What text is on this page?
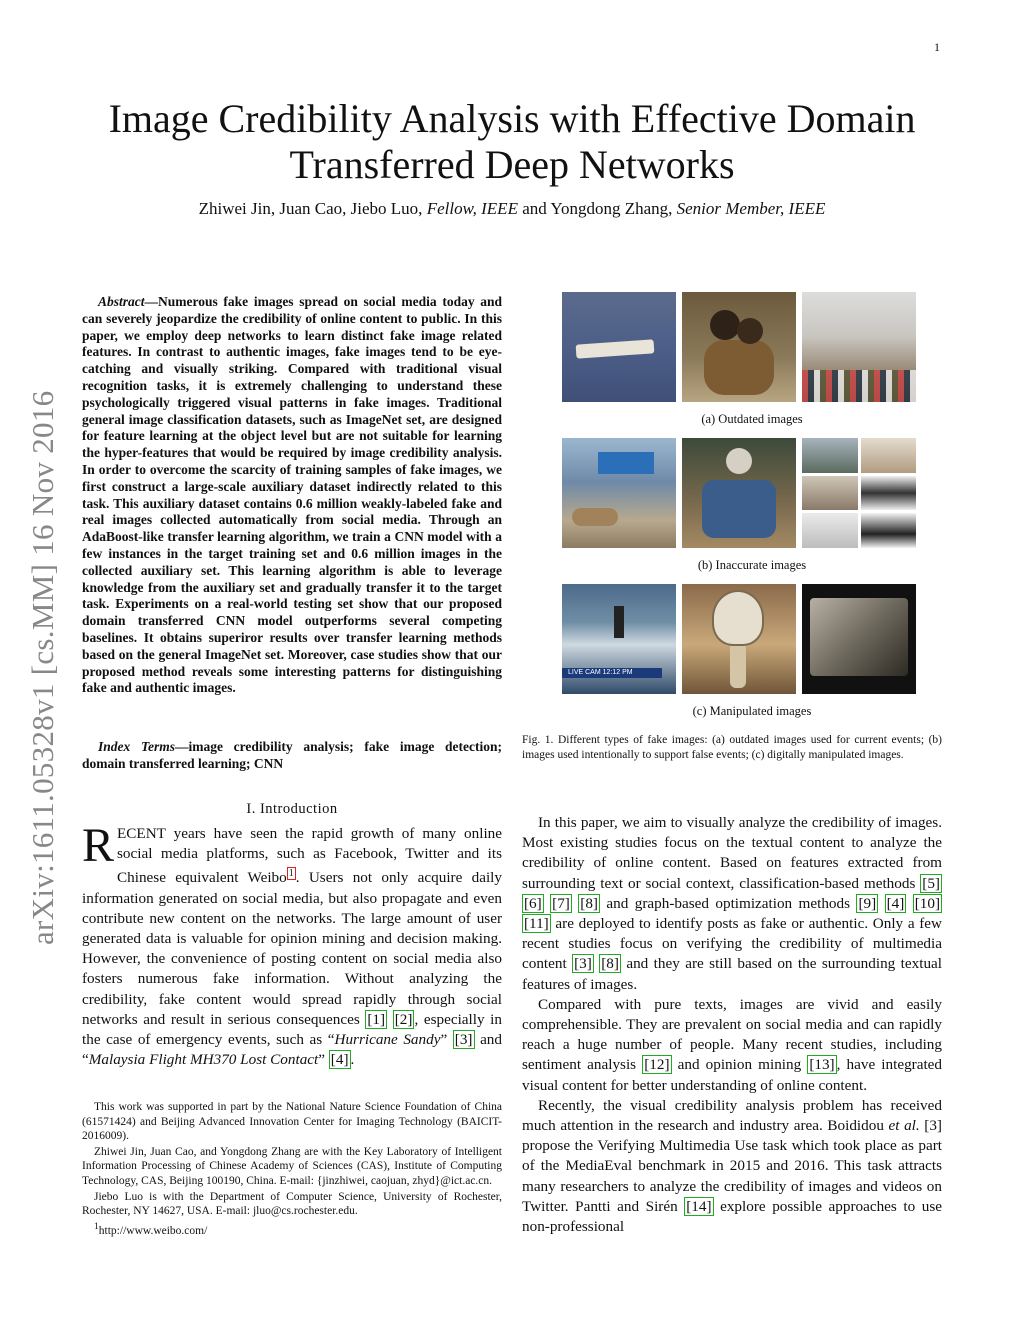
1
arXiv:1611.05328v1 [cs.MM] 16 Nov 2016
Image Credibility Analysis with Effective Domain
Transferred Deep Networks
Zhiwei Jin, Juan Cao, Jiebo Luo, Fellow, IEEE and Yongdong Zhang, Senior Member, IEEE

Abstract—Numerous fake images spread on social media today and can severely jeopardize the credibility of online content to public. In this paper, we employ deep networks to learn distinct fake image related features. In contrast to authentic images, fake images tend to be eye-catching and visually striking. Compared with traditional visual recognition tasks, it is extremely challenging to understand these psychologically triggered visual patterns in fake images. Traditional general image classification datasets, such as ImageNet set, are designed for feature learning at the object level but are not suitable for learning the hyper-features that would be required by image credibility analysis. In order to overcome the scarcity of training samples of fake images, we first construct a large-scale auxiliary dataset indirectly related to this task. This auxiliary dataset contains 0.6 million weakly-labeled fake and real images collected automatically from social media. Through an AdaBoost-like transfer learning algorithm, we train a CNN model with a few instances in the target training set and 0.6 million images in the collected auxiliary set. This learning algorithm is able to leverage knowledge from the auxiliary set and gradually transfer it to the target task. Experiments on a real-world testing set show that our proposed domain transferred CNN model outperforms several competing baselines. It obtains superiror results over transfer learning methods based on the general ImageNet set. Moreover, case studies show that our proposed method reveals some interesting patterns for distinguishing fake and authentic images.

Index Terms—image credibility analysis; fake image detection; domain transferred learning; CNN
I. Introduction
RECENT years have seen the rapid growth of many online social media platforms, such as Facebook, Twitter and its Chinese equivalent Weibo $^1$ . Users not only acquire daily information generated on social media, but also propagate and even contribute new content on the networks. The large amount of user generated data is valuable for opinion mining and decision making. However, the convenience of posting content on social media also fosters numerous fake information. Without analyzing the credibility, fake content would spread rapidly through social networks and result in serious consequences [1] [2] , especially in the case of emergency events, such as “Hurricane Sandy” [3] and “Malaysia Flight MH370 Lost Contact” [4] .

This work was supported in part by the National Nature Science Foundation of China (61571424) and Beijing Advanced Innovation Center for Imaging Technology (BAICIT-2016009).

Zhiwei Jin, Juan Cao, and Yongdong Zhang are with the Key Laboratory of Intelligent Information Processing of Chinese Academy of Sciences (CAS), Institute of Computing Technology, CAS, Beijing 100190, China. E-mail: {jinzhiwei, caojuan, zhyd}@ict.ac.cn.

Jiebo Luo is with the Department of Computer Science, University of Rochester, Rochester, NY 14627, USA. E-mail: jluo@cs.rochester.edu.

$^1$http://www.weibo.com/

(a) Outdated images
(b) Inaccurate images
LIVE CAM 12:12 PM
(c) Manipulated images
Fig. 1. Different types of fake images: (a) outdated images used for current events; (b) images used intentionally to support false events; (c) digitally manipulated images.

In this paper, we aim to visually analyze the credibility of images. Most existing studies focus on the textual content to analyze the credibility of online content. Based on features extracted from surrounding text or social context, classification-based methods [5] [6] [7] [8] and graph-based optimization methods [9] [4] [10] [11] are deployed to identify posts as fake or authentic. Only a few recent studies focus on verifying the credibility of multimedia content [3] [8] and they are still based on the surrounding textual features of images.

Compared with pure texts, images are vivid and easily comprehensible. They are prevalent on social media and can rapidly reach a huge number of people. Many recent studies, including sentiment analysis [12] and opinion mining [13] , have integrated visual content for better understanding of online content.

Recently, the visual credibility analysis problem has received much attention in the research and industry area. Boididou et al. [3] propose the Verifying Multimedia Use task which took place as part of the MediaEval benchmark in 2015 and 2016. This task attracts many researchers to analyze the credibility of images and videos on Twitter. Pantti and Sirén [14] explore possible approaches to use non-professional
